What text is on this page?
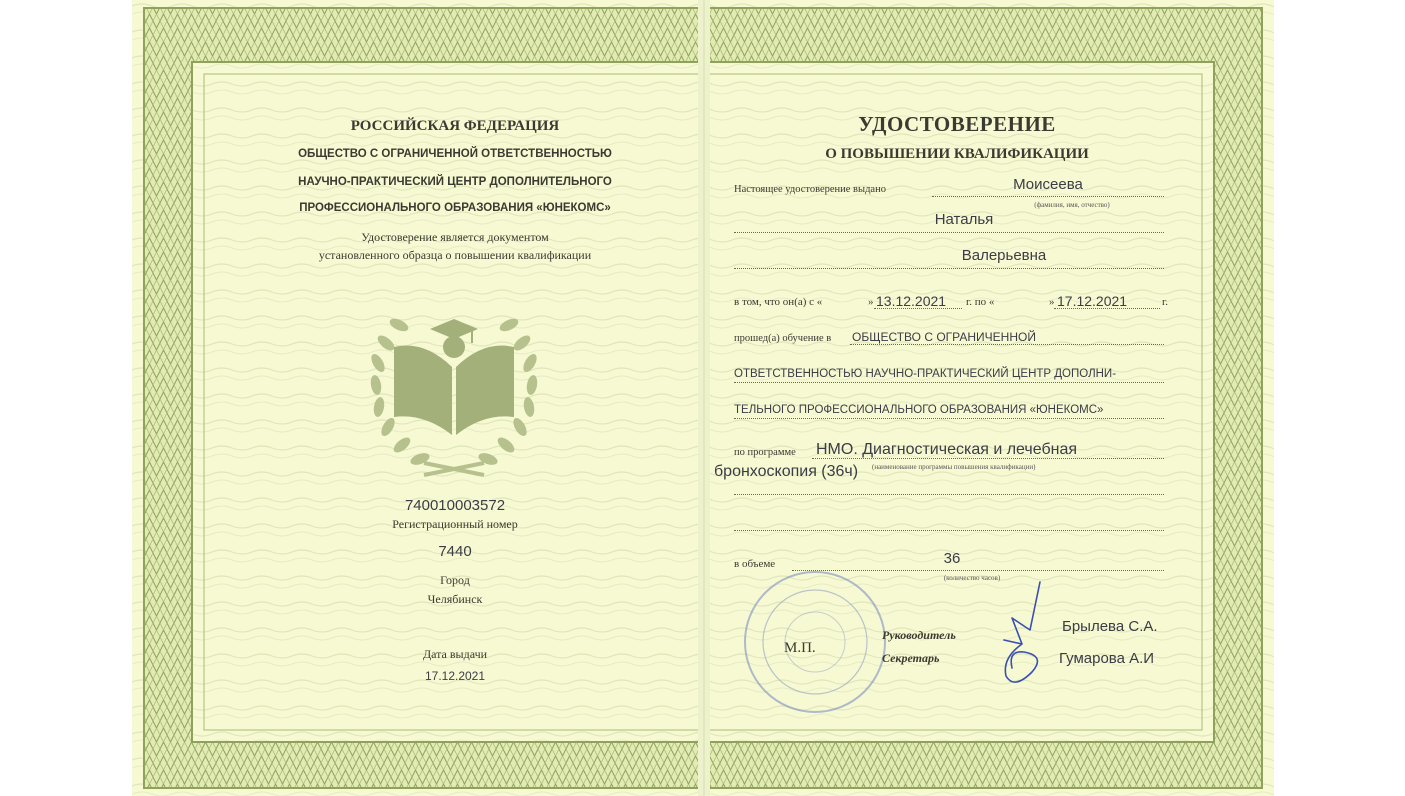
РОССИЙСКАЯ ФЕДЕРАЦИЯ
ОБЩЕСТВО С ОГРАНИЧЕННОЙ ОТВЕТСТВЕННОСТЬЮ
НАУЧНО-ПРАКТИЧЕСКИЙ ЦЕНТР ДОПОЛНИТЕЛЬНОГО
ПРОФЕССИОНАЛЬНОГО ОБРАЗОВАНИЯ «ЮНЕКОМС»
Удостоверение является документом
установленного образца о повышении квалификации
740010003572
Регистрационный номер
7440
Город
Челябинск
Дата выдачи
17.12.2021
УДОСТОВЕРЕНИЕ
О ПОВЫШЕНИИ КВАЛИФИКАЦИИ
Настоящее удостоверение выдано	Моисеева
(фамилия, имя, отчество)
Наталья
Валерьевна
в том, что он(а) с «	» 13.12.2021 г. по «	» 17.12.2021	г.
прошед(а) обучение в ОБЩЕСТВО С ОГРАНИЧЕННОЙ
ОТВЕТСТВЕННОСТЬЮ НАУЧНО-ПРАКТИЧЕСКИЙ ЦЕНТР ДОПОЛНИ-
ТЕЛЬНОГО ПРОФЕССИОНАЛЬНОГО ОБРАЗОВАНИЯ «ЮНЕКОМС»
по программе НМО. Диагностическая и лечебная
бронхоскопия (36ч) (наименование программы повышения квалификации)
в объеме	36
(количество часов)
М.П.
Руководитель
Секретарь
Брылева С.А.
Гумарова А.И
